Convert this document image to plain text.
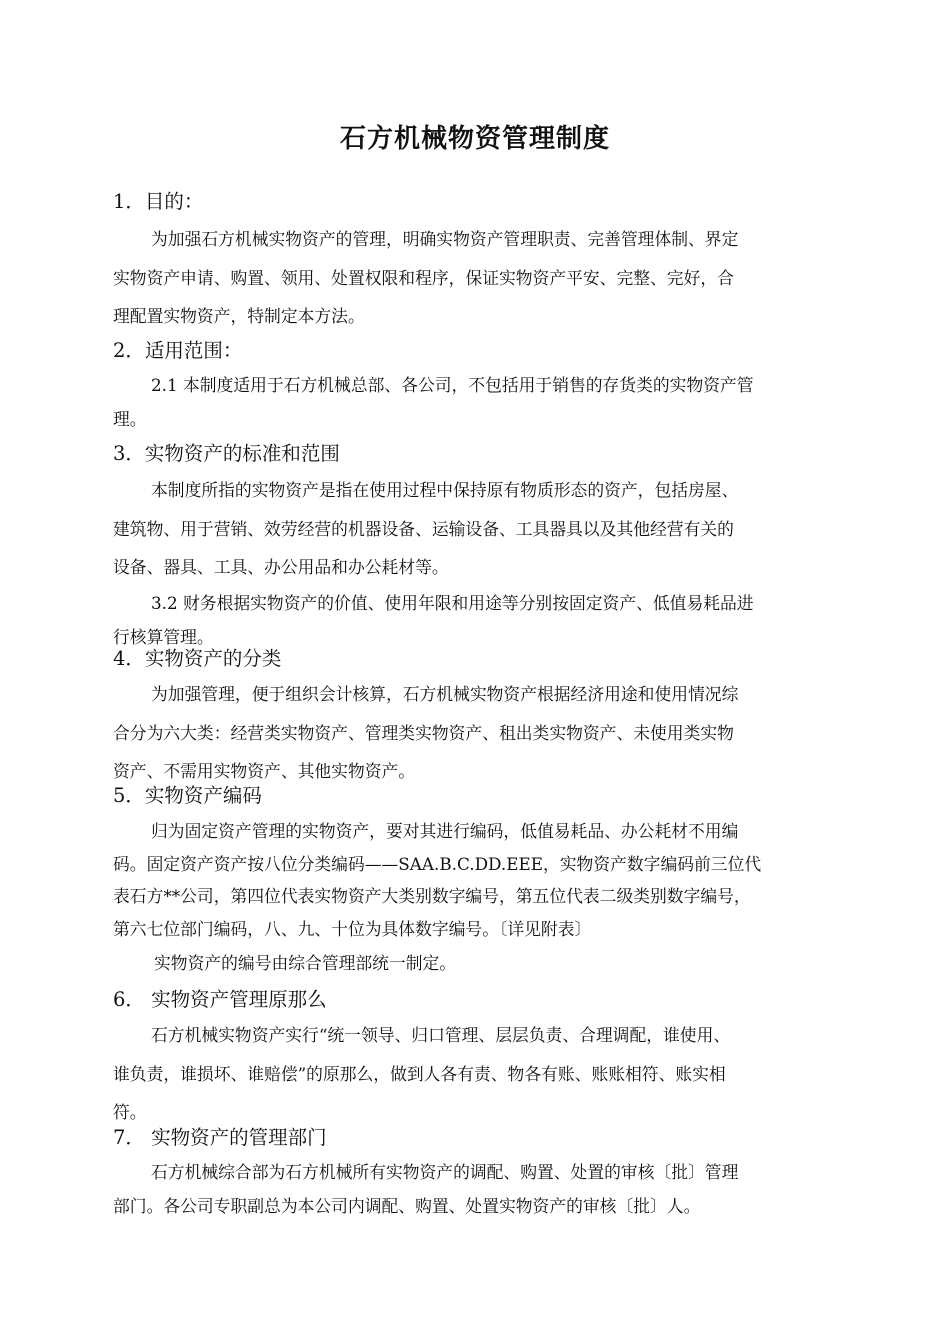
石方机械物资管理制度
1．目的：
为加强石方机械实物资产的管理，明确实物资产管理职责、完善管理体制、界定
实物资产申请、购置、领用、处置权限和程序，保证实物资产平安、完整、完好，合
理配置实物资产，特制定本方法。
2．适用范围：
2.1 本制度适用于石方机械总部、各公司，不包括用于销售的存货类的实物资产管
理。
3．实物资产的标准和范围
本制度所指的实物资产是指在使用过程中保持原有物质形态的资产，包括房屋、
建筑物、用于营销、效劳经营的机器设备、运输设备、工具器具以及其他经营有关的
设备、器具、工具、办公用品和办公耗材等。
3.2 财务根据实物资产的价值、使用年限和用途等分别按固定资产、低值易耗品进
行核算管理。
4．实物资产的分类
为加强管理，便于组织会计核算，石方机械实物资产根据经济用途和使用情况综
合分为六大类：经营类实物资产、管理类实物资产、租出类实物资产、未使用类实物
资产、不需用实物资产、其他实物资产。
5．实物资产编码
归为固定资产管理的实物资产，要对其进行编码，低值易耗品、办公耗材不用编
码。固定资产资产按八位分类编码——SAA.B.C.DD.EEE，实物资产数字编码前三位代
表石方**公司，第四位代表实物资产大类别数字编号，第五位代表二级类别数字编号，
第六七位部门编码，八、九、十位为具体数字编号。〔详见附表〕
实物资产的编号由综合管理部统一制定。
6． 实物资产管理原那么
石方机械实物资产实行“统一领导、归口管理、层层负责、合理调配，谁使用、
谁负责，谁损坏、谁赔偿”的原那么，做到人各有责、物各有账、账账相符、账实相
符。
7． 实物资产的管理部门
石方机械综合部为石方机械所有实物资产的调配、购置、处置的审核〔批〕管理
部门。各公司专职副总为本公司内调配、购置、处置实物资产的审核〔批〕人。
